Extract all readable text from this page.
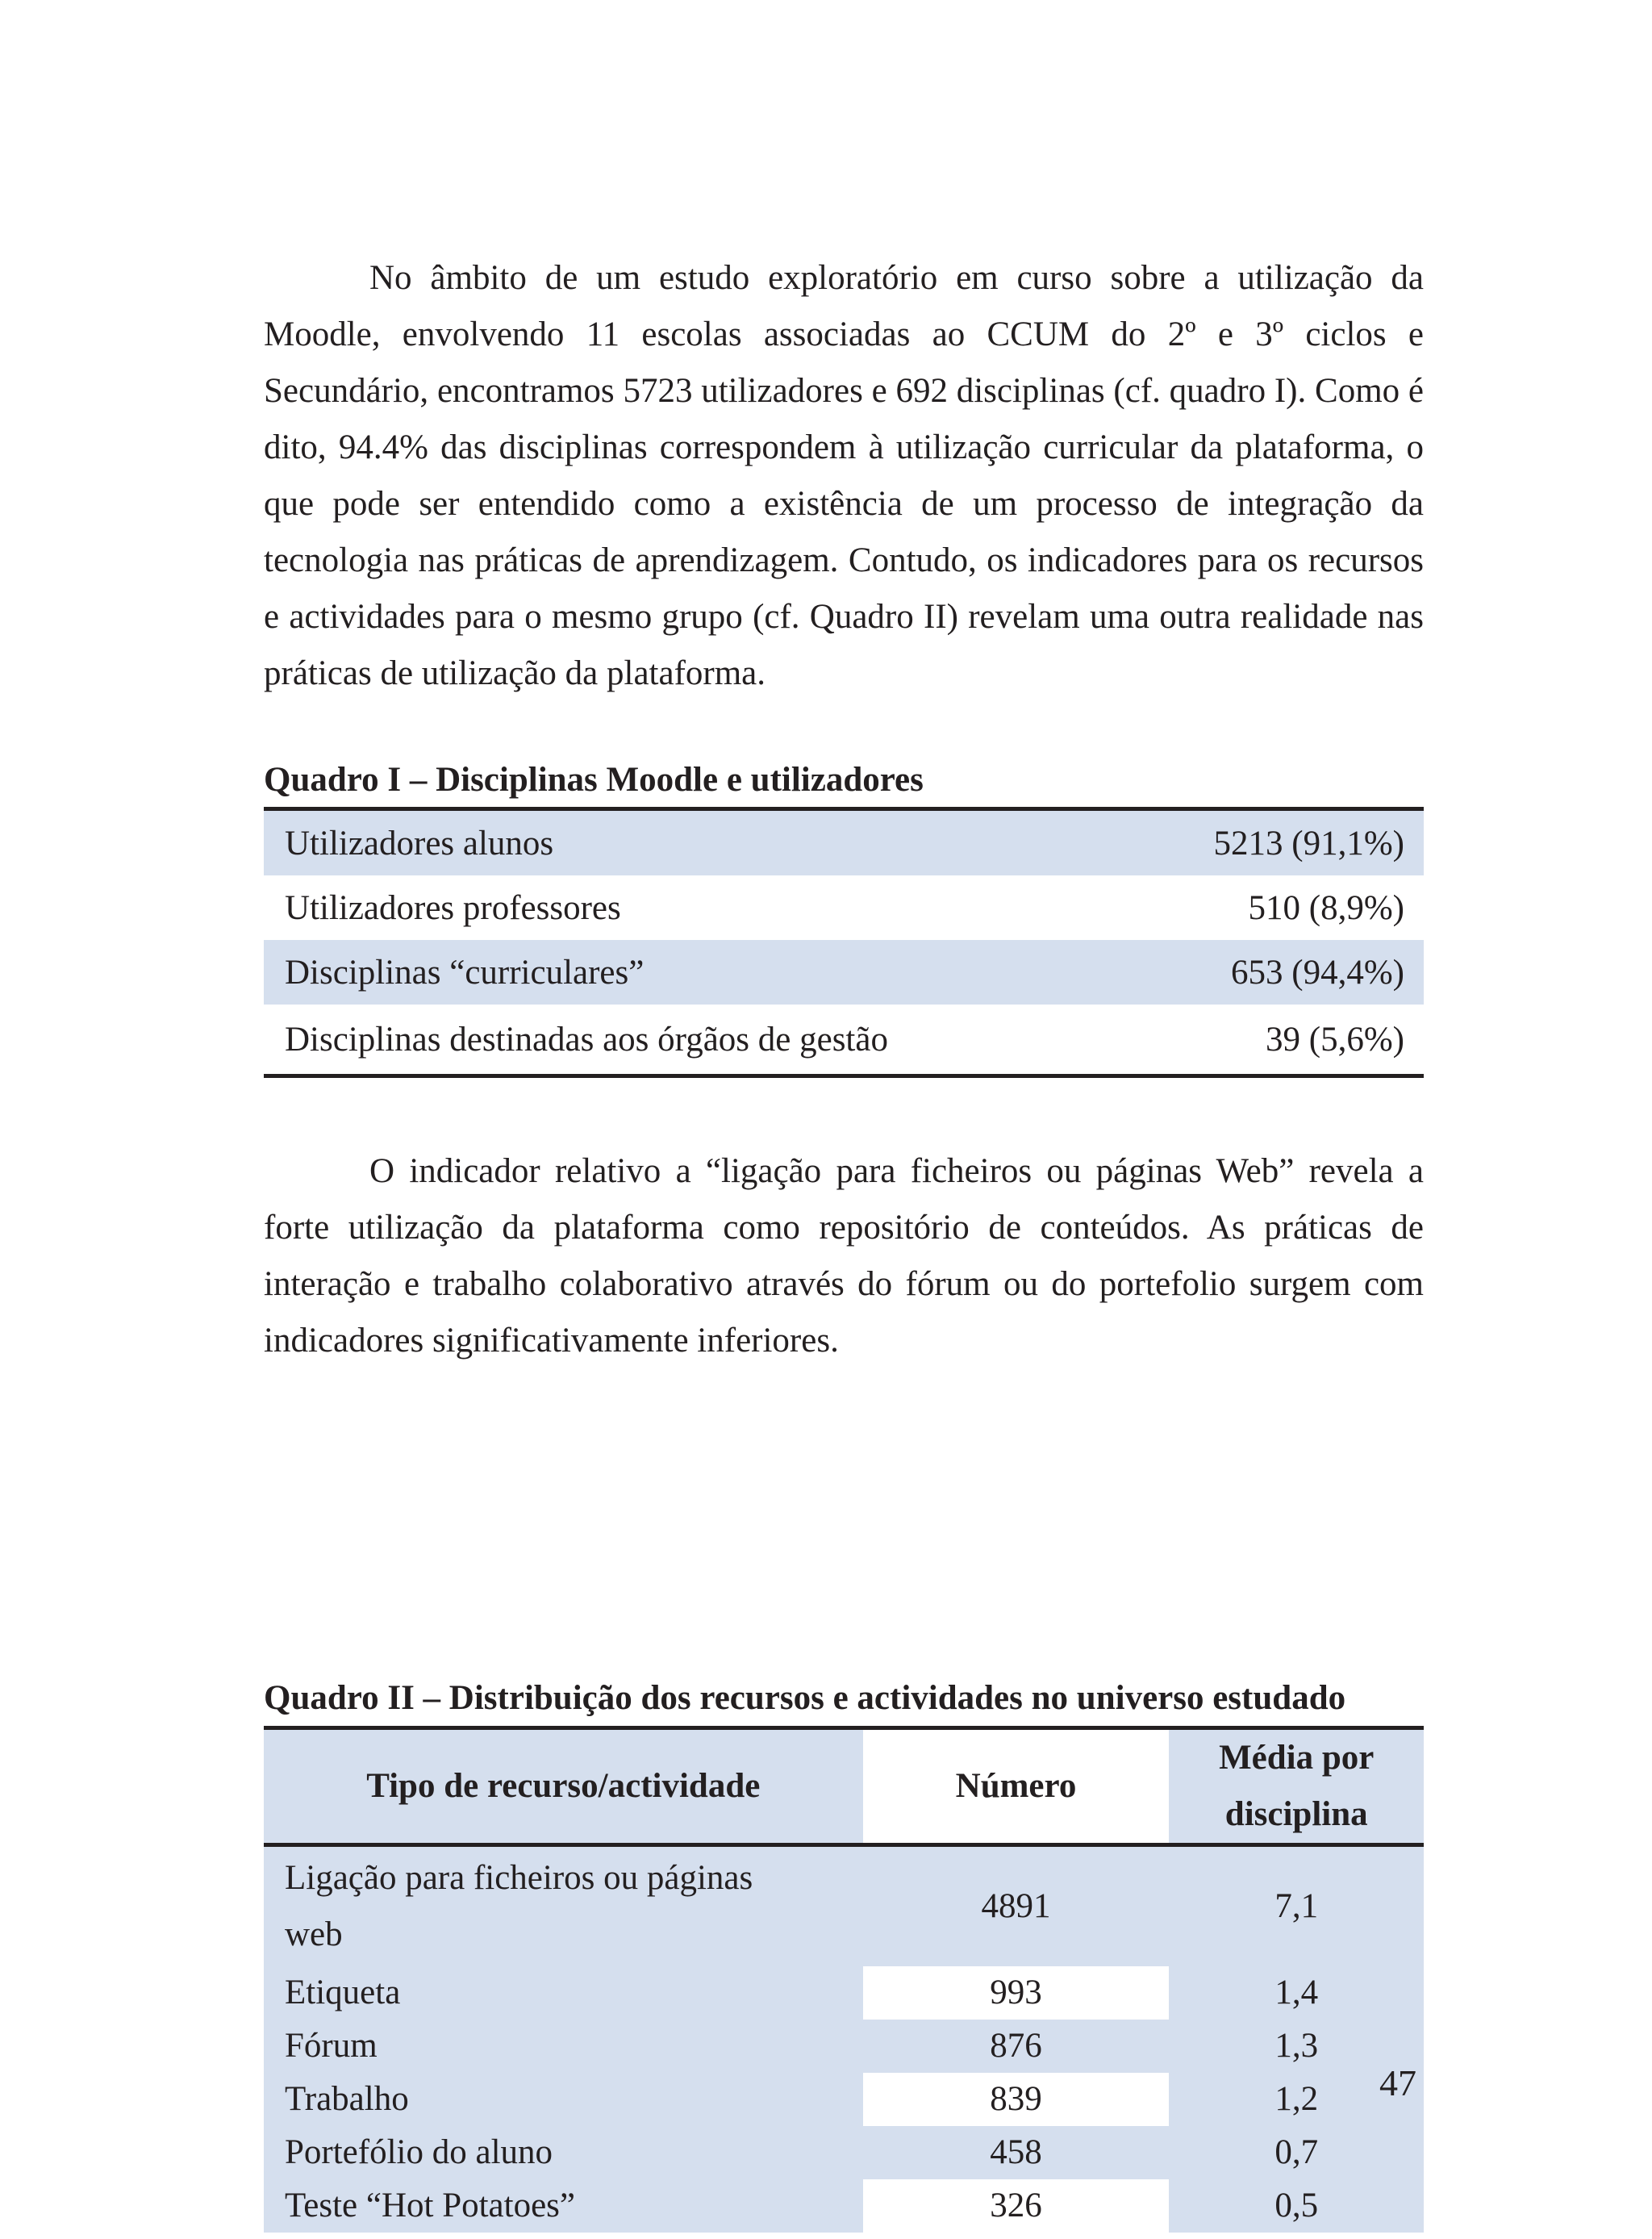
No âmbito de um estudo exploratório em curso sobre a utilização da Moodle, envolvendo 11 escolas associadas ao CCUM do 2º e 3º ciclos e Secundário, encontramos 5723 utilizadores e 692 disciplinas (cf. quadro I). Como é dito, 94.4% das disciplinas correspondem à utilização curricular da plataforma, o que pode ser entendido como a existência de um processo de integração da tecnologia nas práticas de aprendizagem. Contudo, os indicadores para os recursos e actividades para o mesmo grupo (cf. Quadro II) revelam uma outra realidade nas práticas de utilização da plataforma.

Quadro I – Disciplinas Moodle e utilizadores
Utilizadores alunos	5213 (91,1%)
Utilizadores professores	510 (8,9%)
Disciplinas “curriculares”	653 (94,4%)
Disciplinas destinadas aos órgãos de gestão	39 (5,6%)

O indicador relativo a “ligação para ficheiros ou páginas Web” revela a forte utilização da plataforma como repositório de conteúdos. As práticas de interação e trabalho colaborativo através do fórum ou do portefolio surgem com indicadores significativamente inferiores.

Quadro II – Distribuição dos recursos e actividades no universo estudado
Tipo de recurso/actividade	Número	Média por
disciplina

Ligação para ficheiros ou páginas web	4891	7,1
Etiqueta	993	1,4
Fórum	876	1,3
Trabalho	839	1,2
Portefólio do aluno	458	0,7
Teste “Hot Potatoes”	326	0,5
47
